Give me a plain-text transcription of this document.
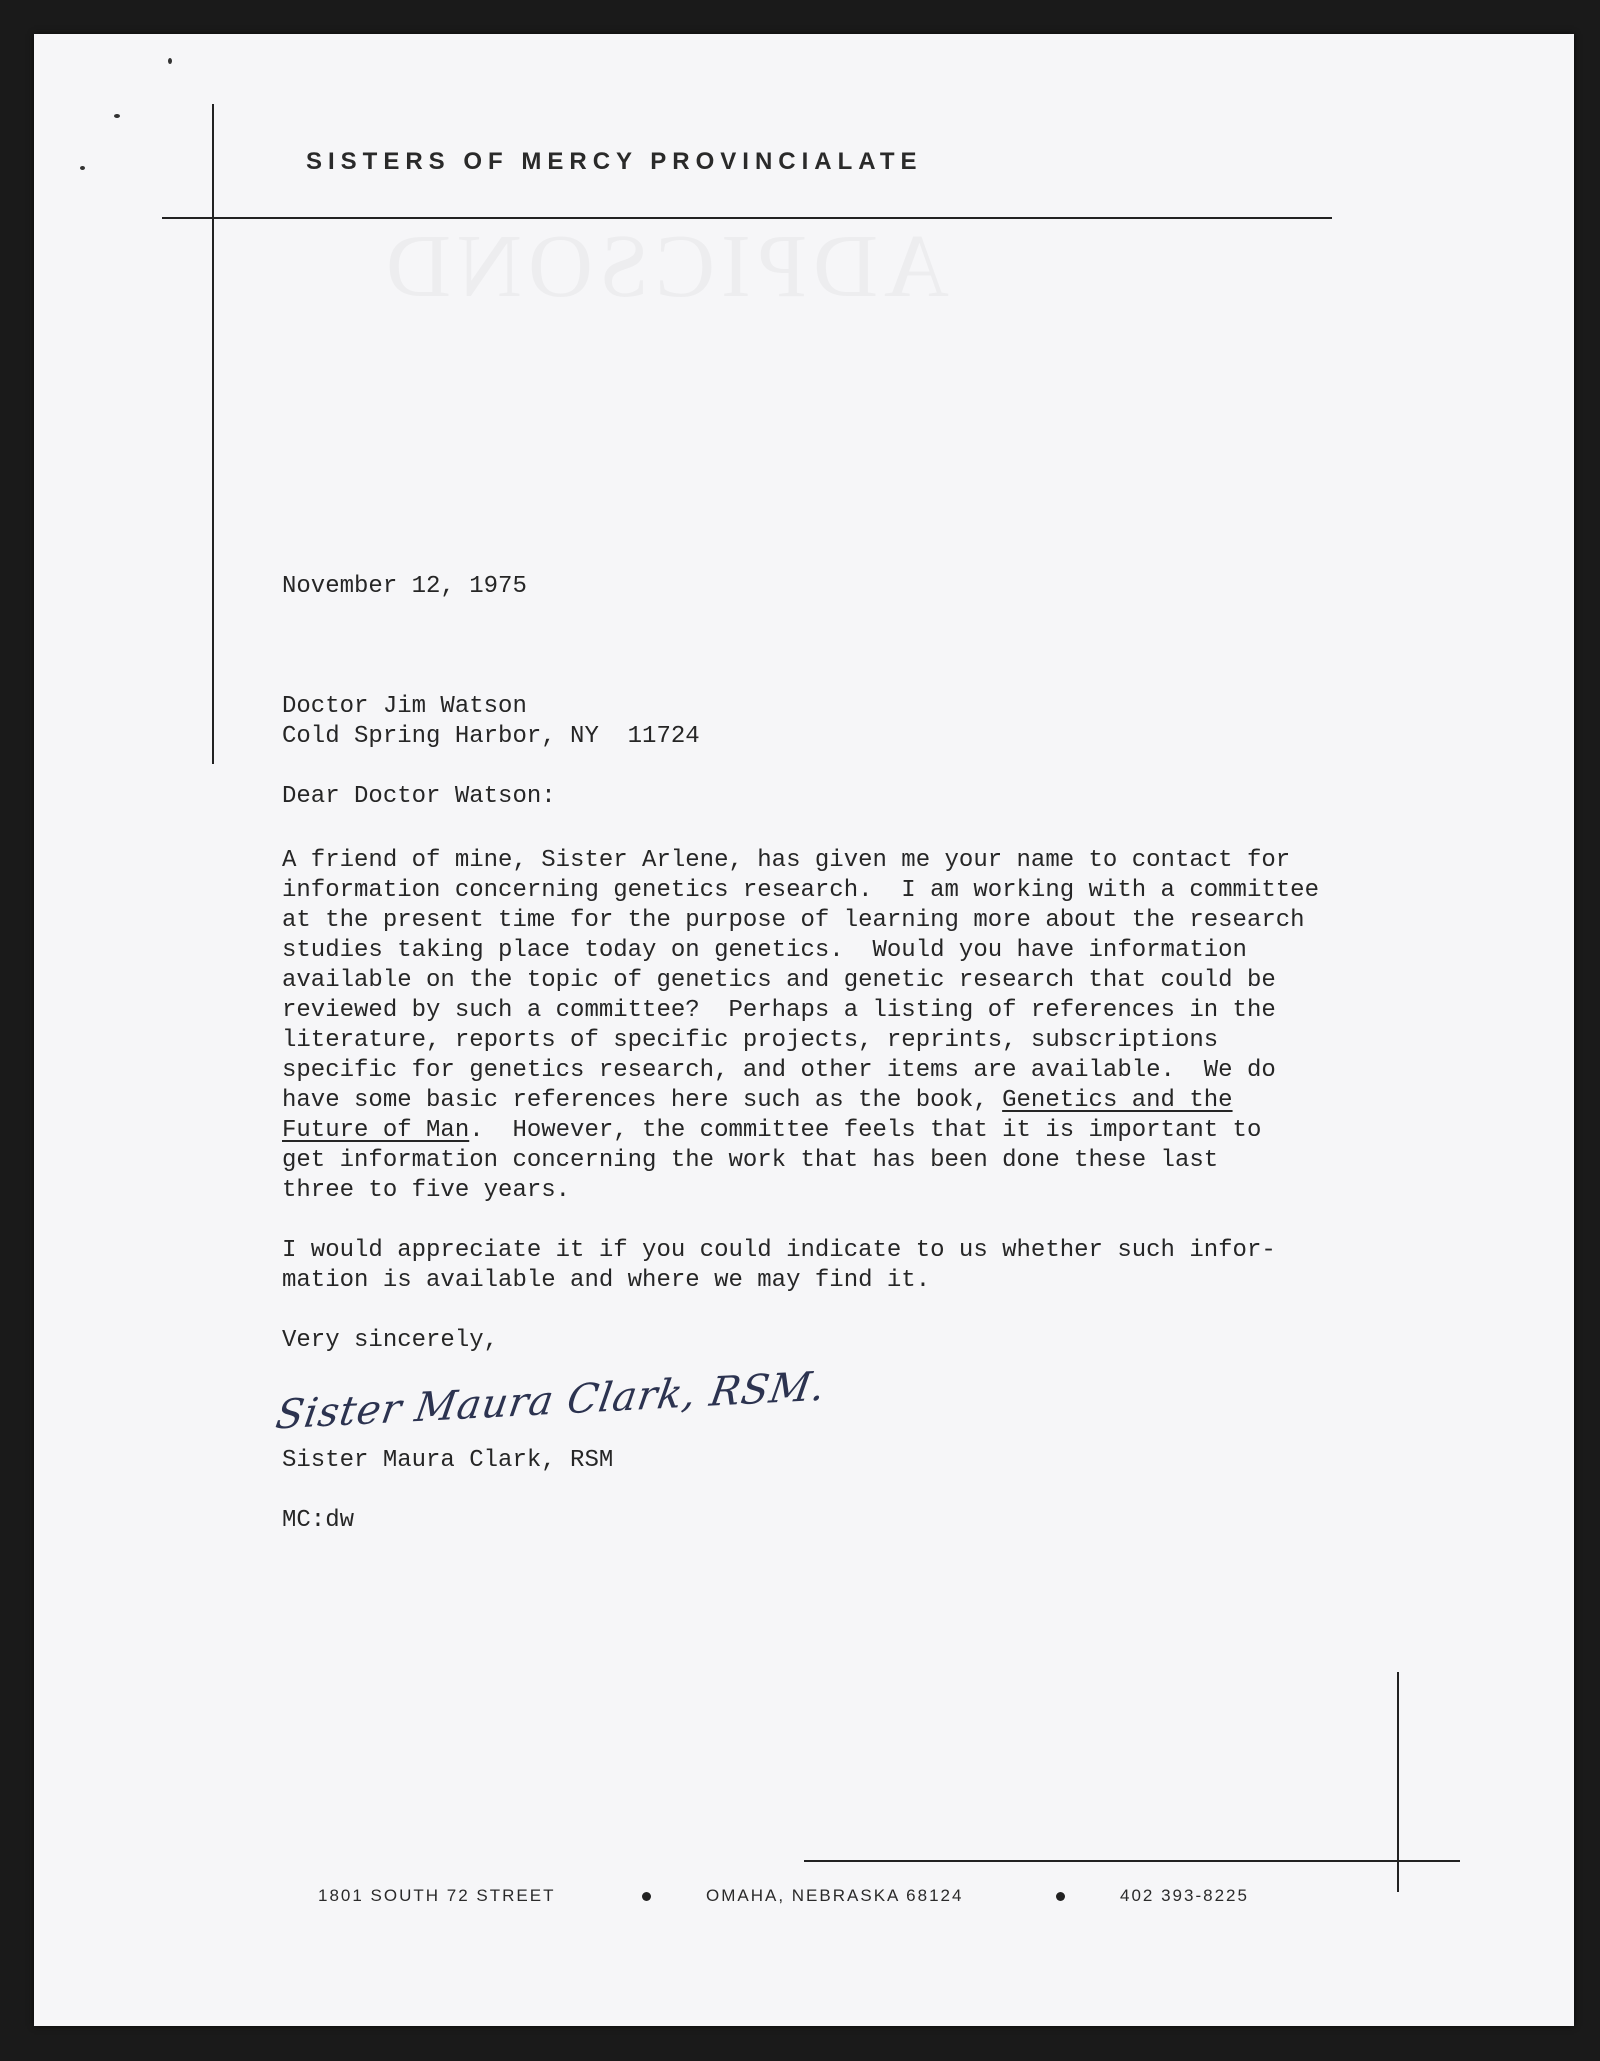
SISTERS OF MERCY PROVINCIALATE
November 12, 1975
Doctor Jim Watson
Cold Spring Harbor, NY  11724
Dear Doctor Watson:
A friend of mine, Sister Arlene, has given me your name to contact for
information concerning genetics research.  I am working with a committee
at the present time for the purpose of learning more about the research
studies taking place today on genetics.  Would you have information
available on the topic of genetics and genetic research that could be
reviewed by such a committee?  Perhaps a listing of references in the
literature, reports of specific projects, reprints, subscriptions
specific for genetics research, and other items are available.  We do
have some basic references here such as the book, Genetics and the
Future of Man.  However, the committee feels that it is important to
get information concerning the work that has been done these last
three to five years.
I would appreciate it if you could indicate to us whether such infor-
mation is available and where we may find it.
Very sincerely,
Sister Maura Clark, RSM.
Sister Maura Clark, RSM
MC:dw
1801 SOUTH 72 STREET	OMAHA, NEBRASKA 68124	402 393-8225
